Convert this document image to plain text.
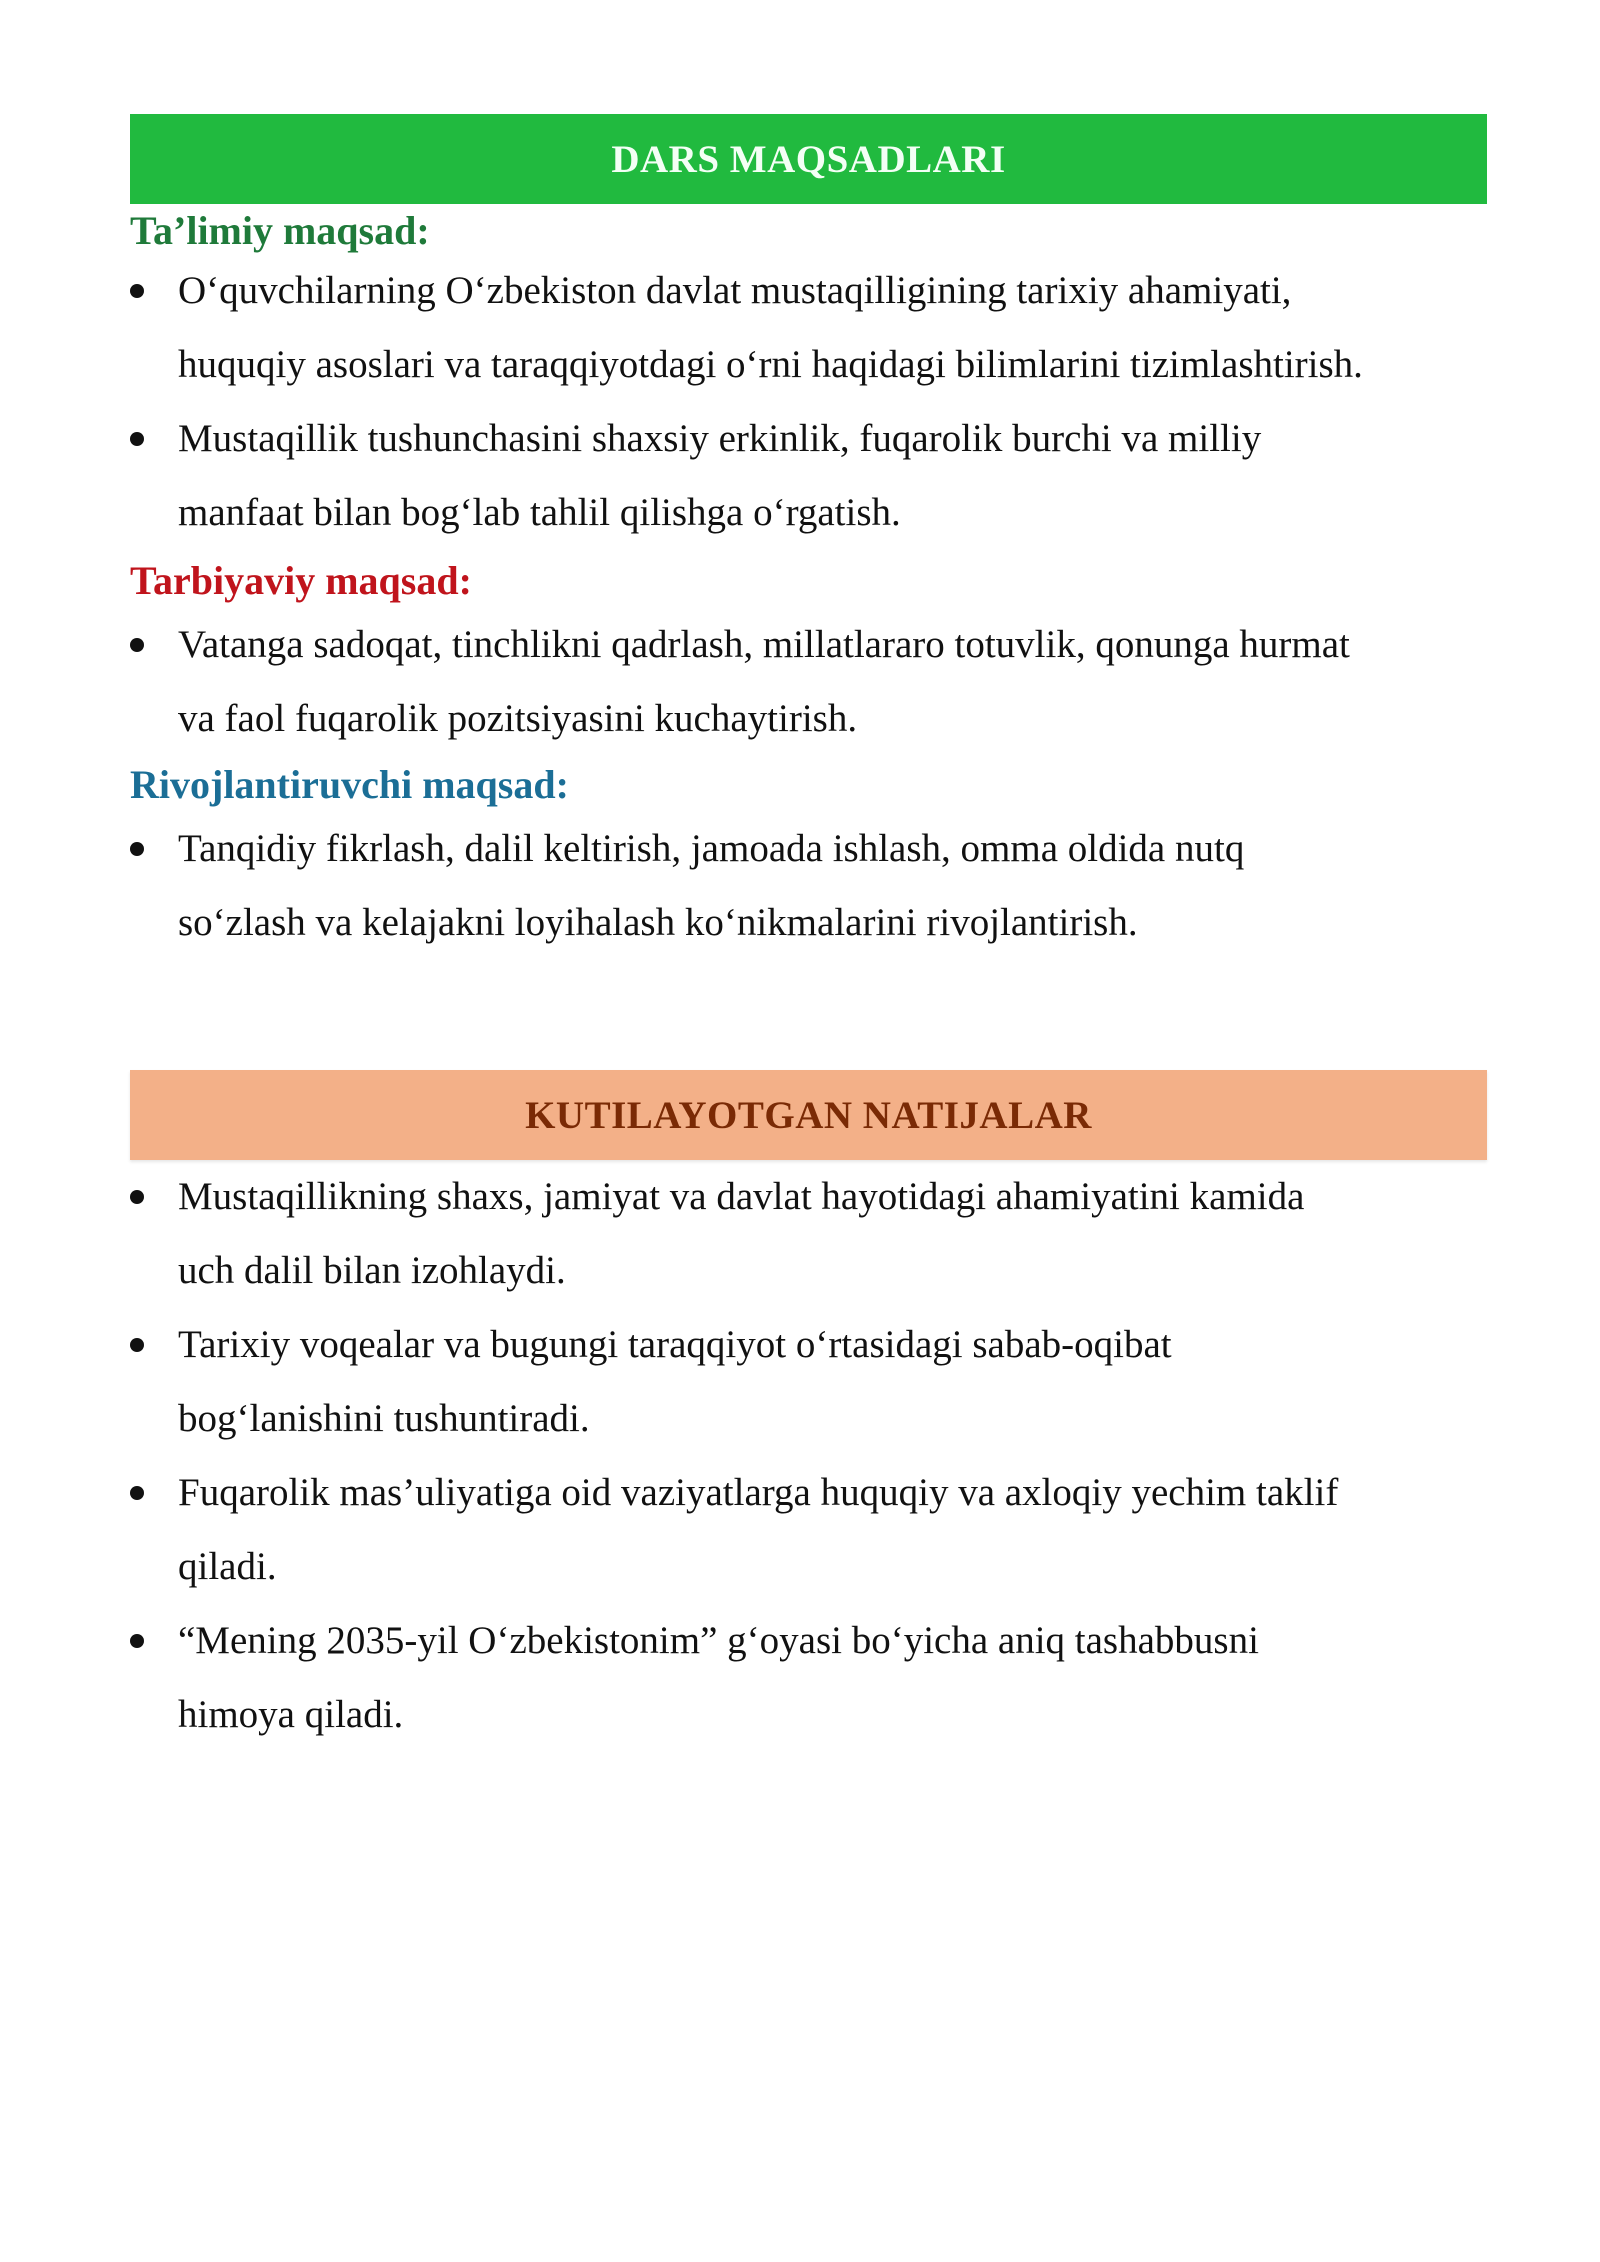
DARS MAQSADLARI

Ta’limiy maqsad:

O‘quvchilarning O‘zbekiston davlat mustaqilligining tarixiy ahamiyati,
huquqiy asoslari va taraqqiyotdagi o‘rni haqidagi bilimlarini tizimlashtirish.
Mustaqillik tushunchasini shaxsiy erkinlik, fuqarolik burchi va milliy
manfaat bilan bog‘lab tahlil qilishga o‘rgatish.

Tarbiyaviy maqsad:

Vatanga sadoqat, tinchlikni qadrlash, millatlararo totuvlik, qonunga hurmat
va faol fuqarolik pozitsiyasini kuchaytirish.

Rivojlantiruvchi maqsad:

Tanqidiy fikrlash, dalil keltirish, jamoada ishlash, omma oldida nutq
so‘zlash va kelajakni loyihalash ko‘nikmalarini rivojlantirish.
KUTILAYOTGAN NATIJALAR
Mustaqillikning shaxs, jamiyat va davlat hayotidagi ahamiyatini kamida
uch dalil bilan izohlaydi.
Tarixiy voqealar va bugungi taraqqiyot o‘rtasidagi sabab-oqibat
bog‘lanishini tushuntiradi.
Fuqarolik mas’uliyatiga oid vaziyatlarga huquqiy va axloqiy yechim taklif
qiladi.
“Mening 2035-yil O‘zbekistonim” g‘oyasi bo‘yicha aniq tashabbusni
himoya qiladi.
